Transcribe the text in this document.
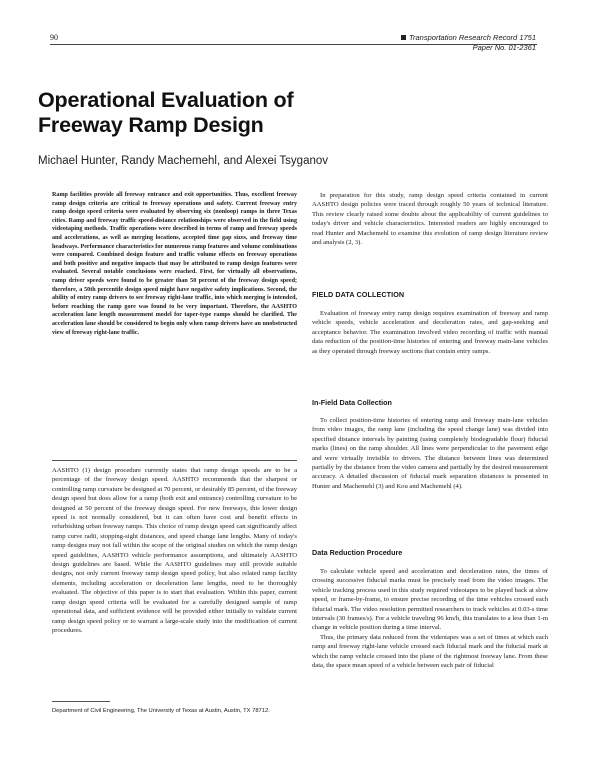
90	Transportation Research Record 1751
Paper No. 01-2361
Operational Evaluation of
Freeway Ramp Design
Michael Hunter, Randy Machemehl, and Alexei Tsyganov
Ramp facilities provide all freeway entrance and exit opportunities. Thus, excellent freeway ramp design criteria are critical to freeway operations and safety. Current freeway entry ramp design speed criteria were evaluated by observing six (nonloop) ramps in three Texas cities. Ramp and freeway traffic speed-distance relationships were observed in the field using videotaping methods. Traffic operations were described in terms of ramp and freeway speeds and accelerations, as well as merging locations, accepted time gap sizes, and freeway time headways. Performance characteristics for numerous ramp features and volume combinations were compared. Combined design feature and traffic volume effects on freeway operations and both positive and negative impacts that may be attributed to ramp design features were evaluated. Several notable conclusions were reached. First, for virtually all observations, ramp driver speeds were found to be greater than 50 percent of the freeway design speed; therefore, a 50th percentile design speed might have negative safety implications. Second, the ability of entry ramp drivers to see freeway right-lane traffic, into which merging is intended, before reaching the ramp gore was found to be very important. Therefore, the AASHTO acceleration lane length measurement model for taper-type ramps should be clarified. The acceleration lane should be considered to begin only when ramp drivers have an unobstructed view of freeway right-lane traffic.
AASHTO (1) design procedure currently states that ramp design speeds are to be a percentage of the freeway design speed. AASHTO recommends that the sharpest or controlling ramp curvature be designed at 70 percent, or desirably 85 percent, of the freeway design speed but does allow for a ramp (both exit and entrance) controlling curvature to be designed at 50 percent of the freeway design speed. For new freeways, this lower design speed is not normally considered, but it can often have cost and benefit effects in refurbishing urban freeway ramps. This choice of ramp design speed can significantly affect ramp curve radii, stopping-sight distances, and speed change lane lengths. Many of today's ramp designs may not fall within the scope of the original studies on which the ramp design speed guidelines, AASHTO vehicle performance assumptions, and ultimately AASHTO design guidelines are based. While the AASHTO guidelines may still provide suitable designs, not only current freeway ramp design speed policy, but also related ramp facility elements, including acceleration or deceleration lane lengths, need to be thoroughly evaluated. The objective of this paper is to start that evaluation. Within this paper, current ramp design speed criteria will be evaluated for a carefully designed sample of ramp operational data, and sufficient evidence will be provided either initially to validate current ramp design speed policy or to warrant a large-scale study into the modification of current procedures.
Department of Civil Engineering, The University of Texas at Austin, Austin, TX 78712.

In preparation for this study, ramp design speed criteria contained in current AASHTO design policies were traced through roughly 50 years of technical literature. This review clearly raised some doubts about the applicability of current guidelines to today's driver and vehicle characteristics. Interested readers are highly encouraged to read Hunter and Machemehl to examine this evolution of ramp design literature review and analysis (2, 3).

FIELD DATA COLLECTION

Evaluation of freeway entry ramp design requires examination of freeway and ramp vehicle speeds, vehicle acceleration and deceleration rates, and gap-seeking and acceptance behavior. The examination involved video recording of traffic with manual data reduction of the position-time histories of entering and freeway main-lane vehicles as they operated through freeway sections that contain entry ramps.

In-Field Data Collection

To collect position-time histories of entering ramp and freeway main-lane vehicles from video images, the ramp lane (including the speed change lane) was divided into specified distance intervals by painting (using completely biodegradable flour) fiducial marks (lines) on the ramp shoulder. All lines were perpendicular to the pavement edge and were virtually invisible to drivers. The distance between lines was determined partially by the distance from the video camera and partially by the desired measurement accuracy. A detailed discussion of fiducial mark separation distances is presented in Hunter and Machemehl (3) and Kou and Machemehl (4).

Data Reduction Procedure

To calculate vehicle speed and acceleration and deceleration rates, the times of crossing successive fiducial marks must be precisely read from the video images. The vehicle tracking process used in this study required videotapes to be played back at slow speed, or frame-by-frame, to ensure precise recording of the time vehicles crossed each fiducial mark. The video resolution permitted researchers to track vehicles at 0.03-s time intervals (30 frames/s). For a vehicle traveling 96 km/h, this translates to a less than 1-m change in vehicle position during a time interval.

Thus, the primary data reduced from the videotapes was a set of times at which each ramp and freeway right-lane vehicle crossed each fiducial mark and the fiducial mark at which the ramp vehicle crossed into the plane of the rightmost freeway lane. From these data, the space mean speed of a vehicle between each pair of fiducial
